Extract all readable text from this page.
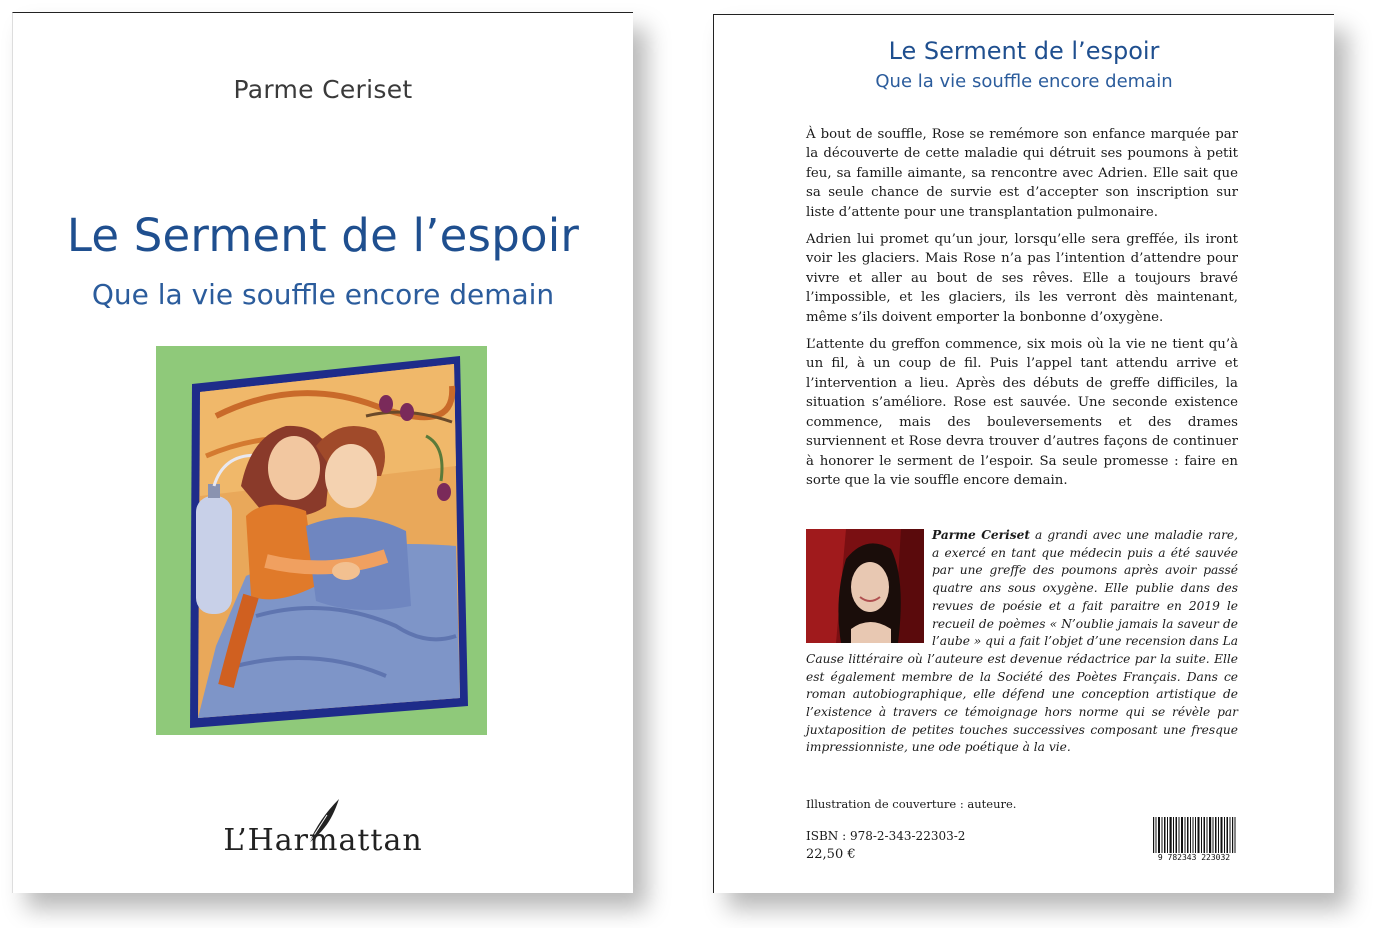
Parme Ceriset
Le Serment de l’espoir
Que la vie souffle encore demain
L’Harmattan
Le Serment de l’espoir
Que la vie souffle encore demain

À bout de souffle, Rose se remémore son enfance marquée par la découverte de cette maladie qui détruit ses poumons à petit feu, sa famille aimante, sa rencontre avec Adrien. Elle sait que sa seule chance de survie est d’accepter son inscription sur liste d’attente pour une transplantation pulmonaire.

Adrien lui promet qu’un jour, lorsqu’elle sera greffée, ils iront voir les glaciers. Mais Rose n’a pas l’intention d’attendre pour vivre et aller au bout de ses rêves. Elle a toujours bravé l’impossible, et les glaciers, ils les verront dès maintenant, même s’ils doivent emporter la bonbonne d’oxygène.

L’attente du greffon commence, six mois où la vie ne tient qu’à un fil, à un coup de fil. Puis l’appel tant attendu arrive et l’intervention a lieu. Après des débuts de greffe difficiles, la situation s’améliore. Rose est sauvée. Une seconde existence commence, mais des bouleversements et des drames surviennent et Rose devra trouver d’autres façons de continuer à honorer le serment de l’espoir. Sa seule promesse : faire en sorte que la vie souffle encore demain.

Parme Ceriset a grandi avec une maladie rare, a exercé en tant que médecin puis a été sauvée par une greffe des poumons après avoir passé quatre ans sous oxygène. Elle publie dans des revues de poésie et a fait paraitre en 2019 le recueil de poèmes « N’oublie jamais la saveur de l’aube » qui a fait l’objet d’une recension dans La Cause littéraire où l’auteure est devenue rédactrice par la suite. Elle est également membre de la Société des Poètes Français. Dans ce roman autobiographique, elle défend une conception artistique de l’existence à travers ce témoignage hors norme qui se révèle par juxtaposition de petites touches successives composant une fresque impressionniste, une ode poétique à la vie.
Illustration de couverture : auteure.
ISBN : 978-2-343-22303-2
22,50 €	9 782343 223032
